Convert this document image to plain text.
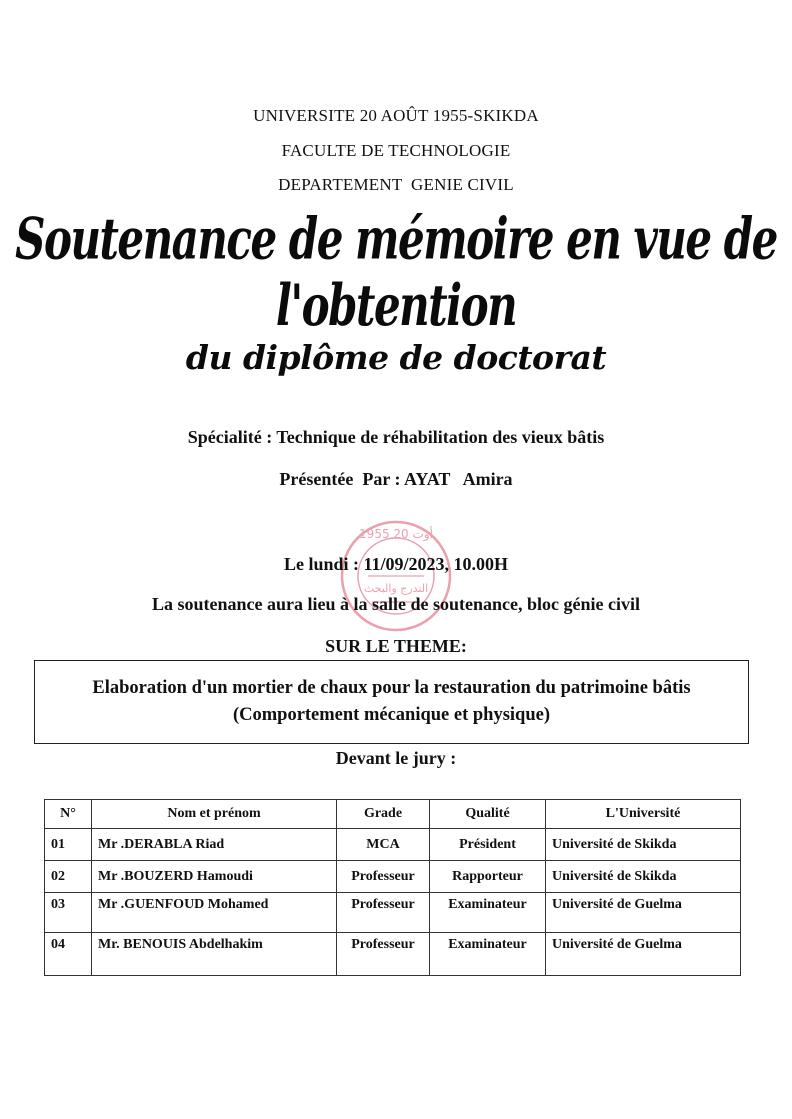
UNIVERSITE 20 AOÛT 1955-SKIKDA
FACULTE DE TECHNOLOGIE
DEPARTEMENT  GENIE CIVIL
Soutenance de mémoire en vue de l'obtention
du diplôme de doctorat
Spécialité : Technique de réhabilitation des vieux bâtis
Présentée  Par : AYAT   Amira
1955 أوت 20
التدرج والبحث
Le lundi : 11/09/2023, 10.00H
La soutenance aura lieu à la salle de soutenance, bloc génie civil
SUR LE THEME:
Elaboration d'un mortier de chaux pour la restauration du patrimoine bâtis
(Comportement mécanique et physique)
Devant le jury :
N°	Nom et prénom	Grade	Qualité	L'Université
01	Mr .DERABLA Riad	MCA	Président	Université de Skikda
02	Mr .BOUZERD Hamoudi	Professeur	Rapporteur	Université de Skikda
03	Mr .GUENFOUD Mohamed	Professeur	Examinateur	Université de Guelma
04	Mr. BENOUIS Abdelhakim	Professeur	Examinateur	Université de Guelma
